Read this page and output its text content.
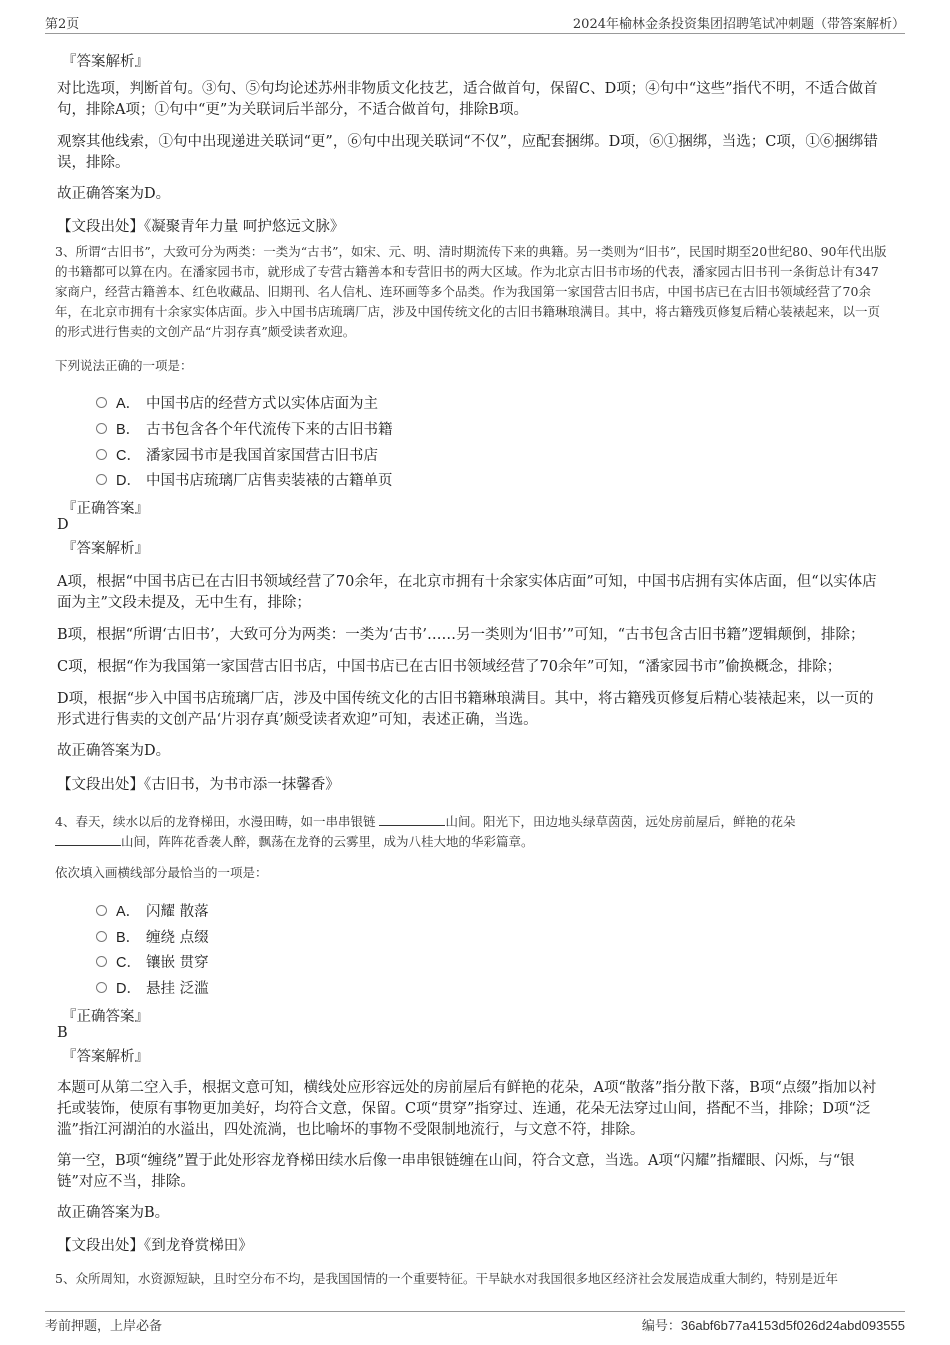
第2页	2024年榆林金条投资集团招聘笔试冲刺题（带答案解析）
『答案解析』
对比选项，判断首句。③句、⑤句均论述苏州非物质文化技艺，适合做首句，保留C、D项；④句中“这些”指代不明，不适合做首句，排除A项；①句中“更”为关联词后半部分，不适合做首句，排除B项。
观察其他线索，①句中出现递进关联词“更”，⑥句中出现关联词“不仅”，应配套捆绑。D项，⑥①捆绑，当选；C项，①⑥捆绑错误，排除。
故正确答案为D。
【文段出处】《凝聚青年力量 呵护悠远文脉》
3、所谓“古旧书”，大致可分为两类：一类为“古书”，如宋、元、明、清时期流传下来的典籍。另一类则为“旧书”，民国时期至20世纪80、90年代出版的书籍都可以算在内。在潘家园书市，就形成了专营古籍善本和专营旧书的两大区域。作为北京古旧书市场的代表，潘家园古旧书刊一条街总计有347家商户，经营古籍善本、红色收藏品、旧期刊、名人信札、连环画等多个品类。作为我国第一家国营古旧书店，中国书店已在古旧书领域经营了70余年，在北京市拥有十余家实体店面。步入中国书店琉璃厂店，涉及中国传统文化的古旧书籍琳琅满目。其中，将古籍残页修复后精心装裱起来，以一页的形式进行售卖的文创产品“片羽存真”颇受读者欢迎。
下列说法正确的一项是：
A． 中国书店的经营方式以实体店面为主
B． 古书包含各个年代流传下来的古旧书籍
C． 潘家园书市是我国首家国营古旧书店
D． 中国书店琉璃厂店售卖装裱的古籍单页
『正确答案』
D
『答案解析』
A项，根据“中国书店已在古旧书领域经营了70余年，在北京市拥有十余家实体店面”可知，中国书店拥有实体店面，但“以实体店面为主”文段未提及，无中生有，排除；
B项，根据“所谓‘古旧书’，大致可分为两类：一类为‘古书’……另一类则为‘旧书’”可知，“古书包含古旧书籍”逻辑颠倒，排除；
C项，根据“作为我国第一家国营古旧书店，中国书店已在古旧书领域经营了70余年”可知，“潘家园书市”偷换概念，排除；
D项，根据“步入中国书店琉璃厂店，涉及中国传统文化的古旧书籍琳琅满目。其中，将古籍残页修复后精心装裱起来，以一页的形式进行售卖的文创产品‘片羽存真’颇受读者欢迎”可知，表述正确，当选。
故正确答案为D。
【文段出处】《古旧书，为书市添一抹馨香》
4、春天，续水以后的龙脊梯田，水漫田畴，如一串串银链	山间。阳光下，田边地头绿草茵茵，远处房前屋后，鲜艳的花朵
山间，阵阵花香袭人醉，飘荡在龙脊的云雾里，成为八桂大地的华彩篇章。
依次填入画横线部分最恰当的一项是：
A． 闪耀 散落
B． 缠绕 点缀
C． 镶嵌 贯穿
D． 悬挂 泛滥
『正确答案』
B
『答案解析』
本题可从第二空入手，根据文意可知，横线处应形容远处的房前屋后有鲜艳的花朵，A项“散落”指分散下落，B项“点缀”指加以衬托或装饰，使原有事物更加美好，均符合文意，保留。C项“贯穿”指穿过、连通，花朵无法穿过山间，搭配不当，排除；D项“泛滥”指江河湖泊的水溢出，四处流淌，也比喻坏的事物不受限制地流行，与文意不符，排除。
第一空，B项“缠绕”置于此处形容龙脊梯田续水后像一串串银链缠在山间，符合文意，当选。A项“闪耀”指耀眼、闪烁，与“银链”对应不当，排除。
故正确答案为B。
【文段出处】《到龙脊赏梯田》
5、众所周知，水资源短缺，且时空分布不均，是我国国情的一个重要特征。干旱缺水对我国很多地区经济社会发展造成重大制约，特别是近年
考前押题，上岸必备	编号：36abf6b77a4153d5f026d24abd093555
